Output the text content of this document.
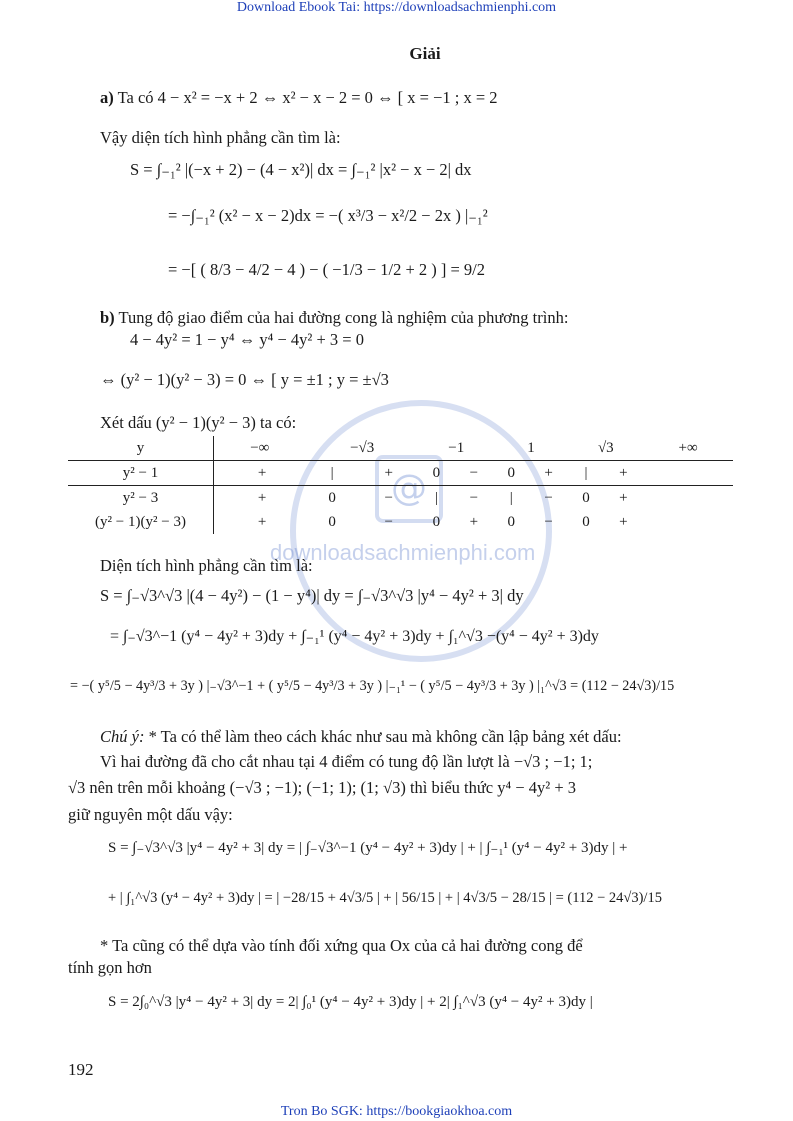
Download Ebook Tai: https://downloadsachmienphi.com
@
downloadsachmienphi.com
Giải
a) Ta có 4 − x² = −x + 2 ⇔ x² − x − 2 = 0 ⇔ [ x = −1 ; x = 2
Vậy diện tích hình phẳng cần tìm là:
S = ∫₋₁² |(−x + 2) − (4 − x²)| dx = ∫₋₁² |x² − x − 2| dx
= −∫₋₁² (x² − x − 2)dx = −( x³/3 − x²/2 − 2x ) |₋₁²
= −[ ( 8/3 − 4/2 − 4 ) − ( −1/3 − 1/2 + 2 ) ] = 9/2
b) Tung độ giao điểm của hai đường cong là nghiệm của phương trình:
4 − 4y² = 1 − y⁴ ⇔ y⁴ − 4y² + 3 = 0
⇔ (y² − 1)(y² − 3) = 0 ⇔ [ y = ±1 ; y = ±√3
Xét dấu (y² − 1)(y² − 3) ta có:
y	−∞		−√3		−1		1		√3		+∞
y² − 1		+	|	+	0	−	0	+	|	+	
y² − 3		+	0	−	|	−	|	−	0	+	
(y² − 1)(y² − 3)		+	0	−	0	+	0	−	0	+	
Diện tích hình phẳng cần tìm là:
S = ∫₋√3^√3 |(4 − 4y²) − (1 − y⁴)| dy = ∫₋√3^√3 |y⁴ − 4y² + 3| dy
= ∫₋√3^−1 (y⁴ − 4y² + 3)dy + ∫₋₁¹ (y⁴ − 4y² + 3)dy + ∫₁^√3 −(y⁴ − 4y² + 3)dy
= −( y⁵/5 − 4y³/3 + 3y ) |₋√3^−1 + ( y⁵/5 − 4y³/3 + 3y ) |₋₁¹ − ( y⁵/5 − 4y³/3 + 3y ) |₁^√3 = (112 − 24√3)/15
Chú ý: * Ta có thể làm theo cách khác như sau mà không cần lập bảng xét dấu:
Vì hai đường đã cho cắt nhau tại 4 điểm có tung độ lần lượt là −√3 ; −1; 1;
√3 nên trên mỗi khoảng (−√3 ; −1); (−1; 1); (1; √3) thì biểu thức y⁴ − 4y² + 3
giữ nguyên một dấu vậy:
S = ∫₋√3^√3 |y⁴ − 4y² + 3| dy = | ∫₋√3^−1 (y⁴ − 4y² + 3)dy | + | ∫₋₁¹ (y⁴ − 4y² + 3)dy | +
+ | ∫₁^√3 (y⁴ − 4y² + 3)dy | = | −28/15 + 4√3/5 | + | 56/15 | + | 4√3/5 − 28/15 | = (112 − 24√3)/15
* Ta cũng có thể dựa vào tính đối xứng qua Ox của cả hai đường cong để
tính gọn hơn
S = 2∫₀^√3 |y⁴ − 4y² + 3| dy = 2| ∫₀¹ (y⁴ − 4y² + 3)dy | + 2| ∫₁^√3 (y⁴ − 4y² + 3)dy |
192
Tron Bo SGK: https://bookgiaokhoa.com
